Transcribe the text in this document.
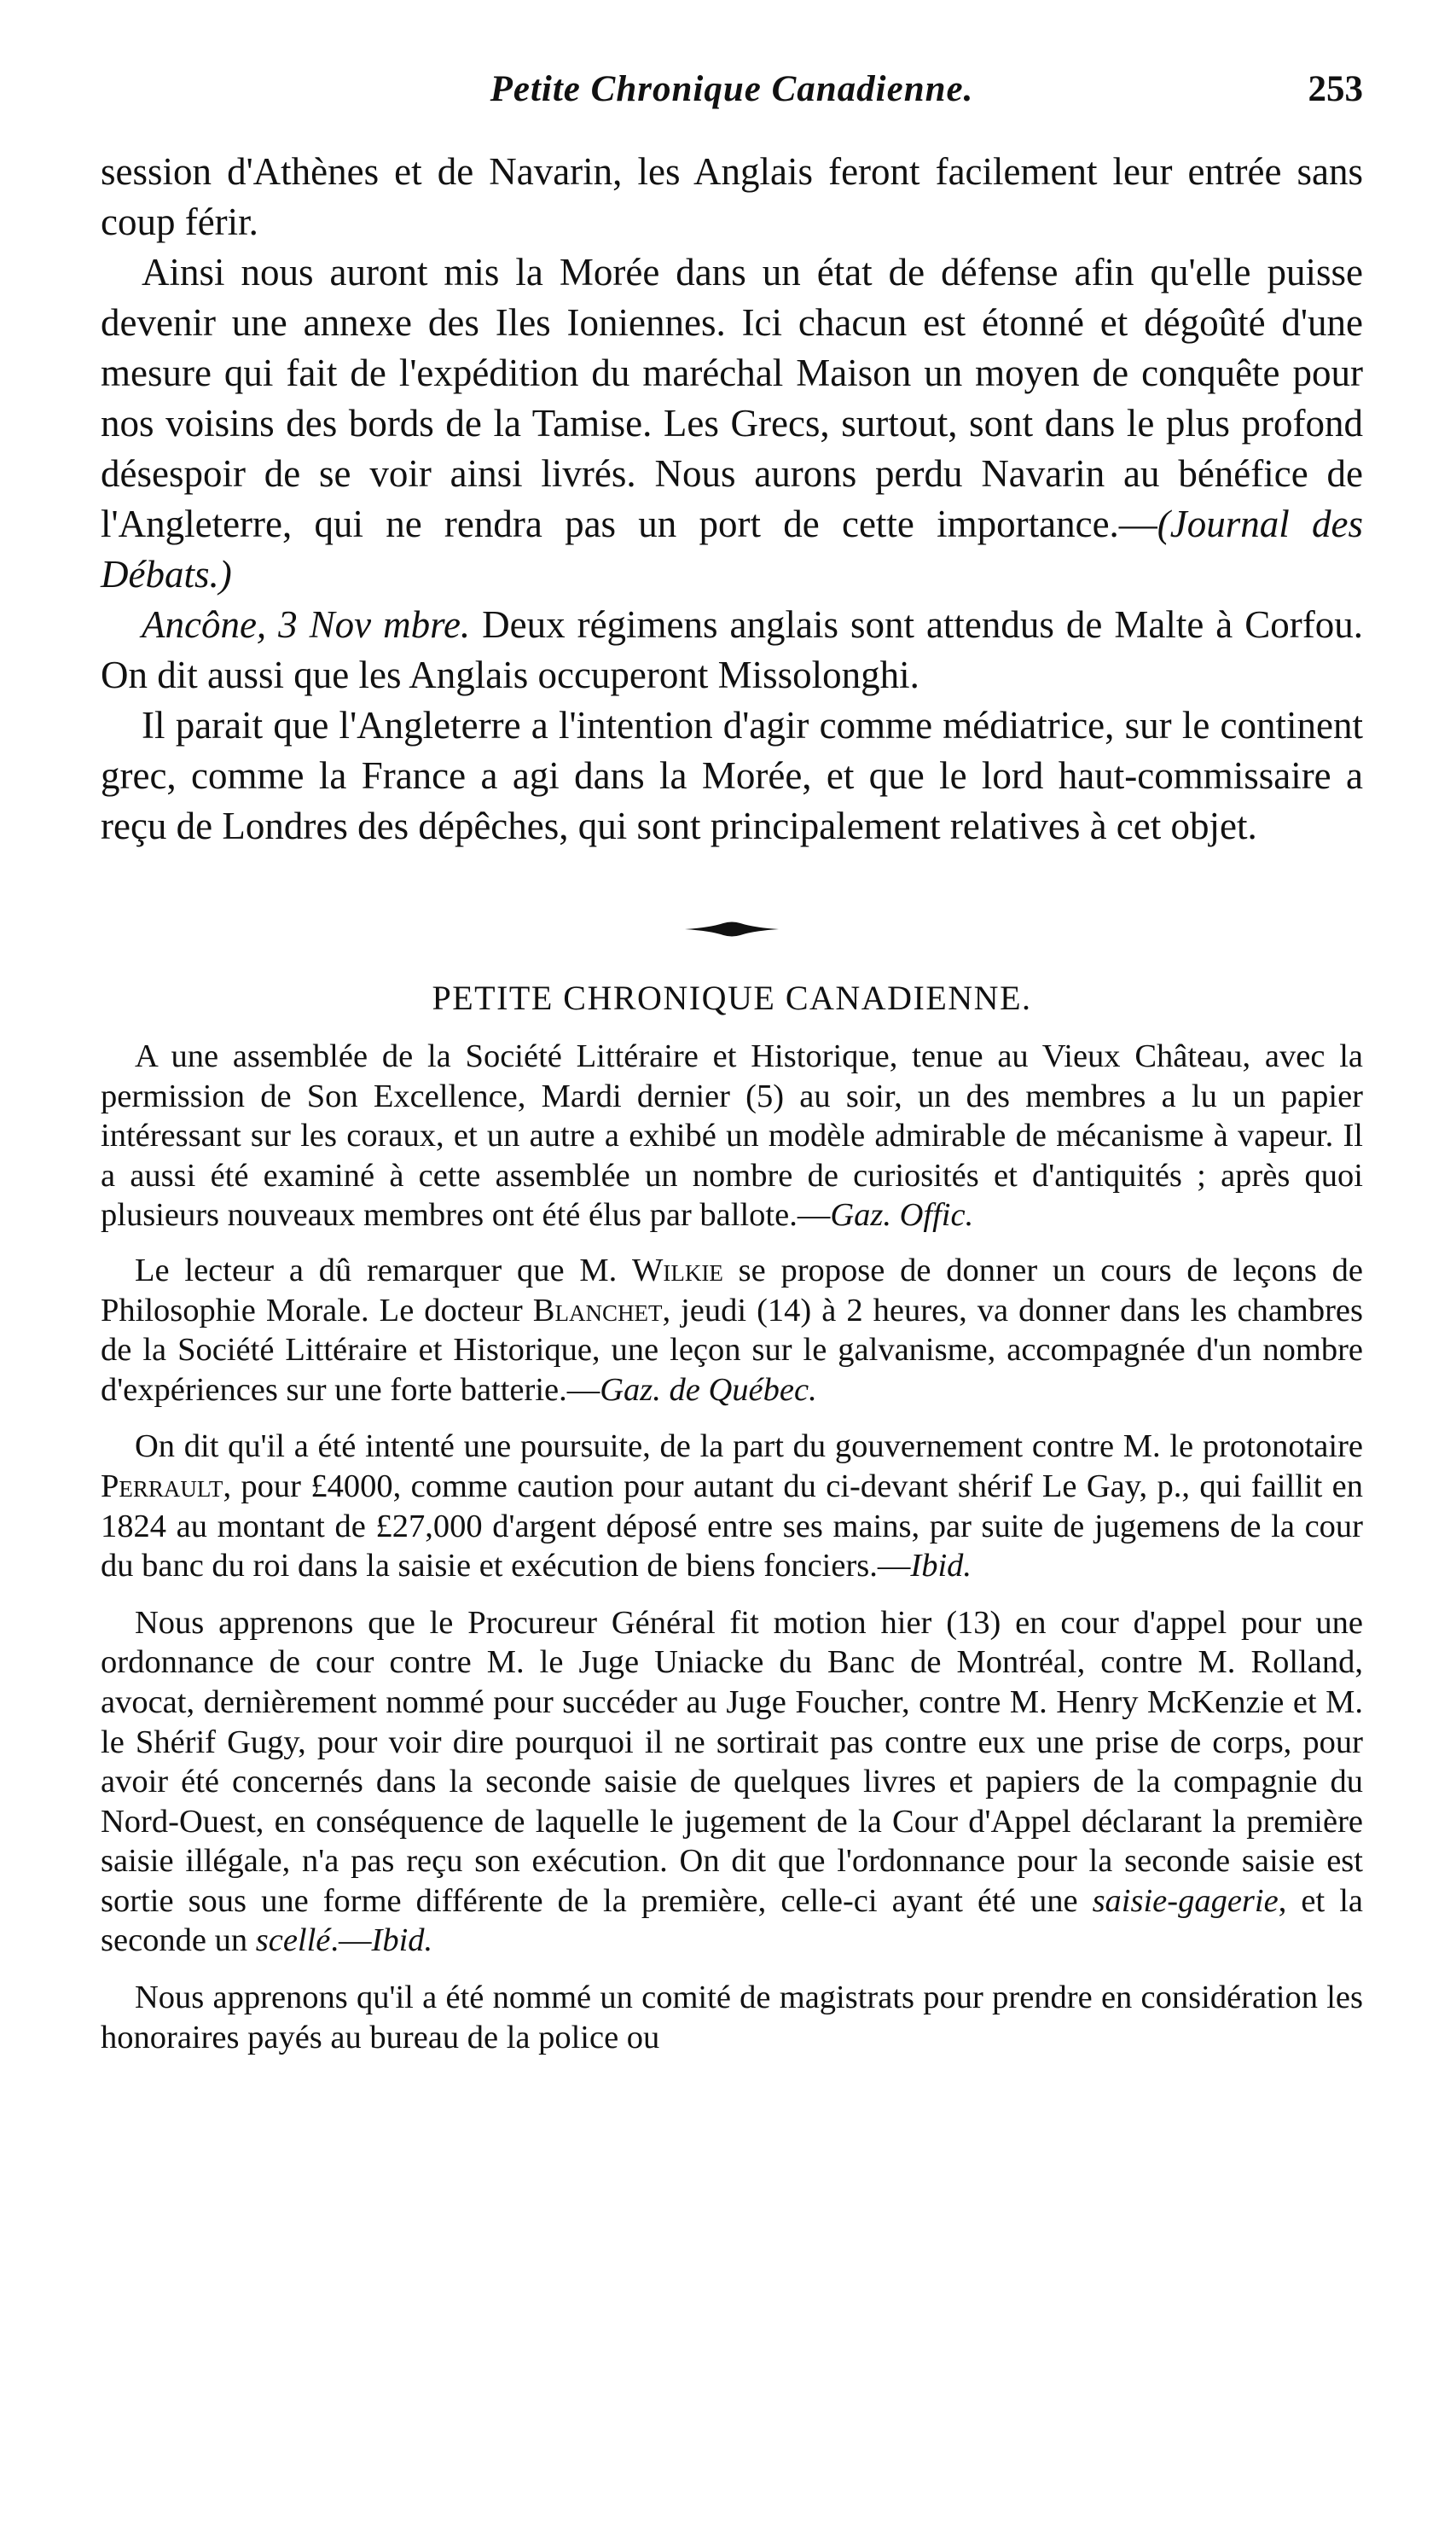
Petite Chronique Canadienne.	253

session d'Athènes et de Navarin, les Anglais feront facilement leur entrée sans coup férir.

Ainsi nous auront mis la Morée dans un état de défense afin qu'elle puisse devenir une annexe des Iles Ioniennes. Ici chacun est étonné et dégoûté d'une mesure qui fait de l'expédition du maréchal Maison un moyen de conquête pour nos voisins des bords de la Tamise. Les Grecs, surtout, sont dans le plus profond désespoir de se voir ainsi livrés. Nous aurons perdu Navarin au bénéfice de l'Angleterre, qui ne rendra pas un port de cette importance.—(Journal des Débats.)

Ancône, 3 Nov mbre. Deux régimens anglais sont attendus de Malte à Corfou. On dit aussi que les Anglais occuperont Missolonghi.

Il parait que l'Angleterre a l'intention d'agir comme médiatrice, sur le continent grec, comme la France a agi dans la Morée, et que le lord haut-commissaire a reçu de Londres des dépêches, qui sont principalement relatives à cet objet.

PETITE CHRONIQUE CANADIENNE.

A une assemblée de la Société Littéraire et Historique, tenue au Vieux Château, avec la permission de Son Excellence, Mardi dernier (5) au soir, un des membres a lu un papier intéressant sur les coraux, et un autre a exhibé un modèle admirable de mécanisme à vapeur. Il a aussi été examiné à cette assemblée un nombre de curiosités et d'antiquités ; après quoi plusieurs nouveaux membres ont été élus par ballote.—Gaz. Offic.

Le lecteur a dû remarquer que M. Wilkie se propose de donner un cours de leçons de Philosophie Morale. Le docteur Blanchet, jeudi (14) à 2 heures, va donner dans les chambres de la Société Littéraire et Historique, une leçon sur le galvanisme, accompagnée d'un nombre d'expériences sur une forte batterie.—Gaz. de Québec.

On dit qu'il a été intenté une poursuite, de la part du gouvernement contre M. le protonotaire Perrault, pour £4000, comme caution pour autant du ci-devant shérif Le Gay, p., qui faillit en 1824 au montant de £27,000 d'argent déposé entre ses mains, par suite de jugemens de la cour du banc du roi dans la saisie et exécution de biens fonciers.—Ibid.

Nous apprenons que le Procureur Général fit motion hier (13) en cour d'appel pour une ordonnance de cour contre M. le Juge Uniacke du Banc de Montréal, contre M. Rolland, avocat, dernièrement nommé pour succéder au Juge Foucher, contre M. Henry McKenzie et M. le Shérif Gugy, pour voir dire pourquoi il ne sortirait pas contre eux une prise de corps, pour avoir été concernés dans la seconde saisie de quelques livres et papiers de la compagnie du Nord-Ouest, en conséquence de laquelle le jugement de la Cour d'Appel déclarant la première saisie illégale, n'a pas reçu son exécution. On dit que l'ordonnance pour la seconde saisie est sortie sous une forme différente de la première, celle-ci ayant été une saisie-gagerie, et la seconde un scellé.—Ibid.

Nous apprenons qu'il a été nommé un comité de magistrats pour prendre en considération les honoraires payés au bureau de la police ou
